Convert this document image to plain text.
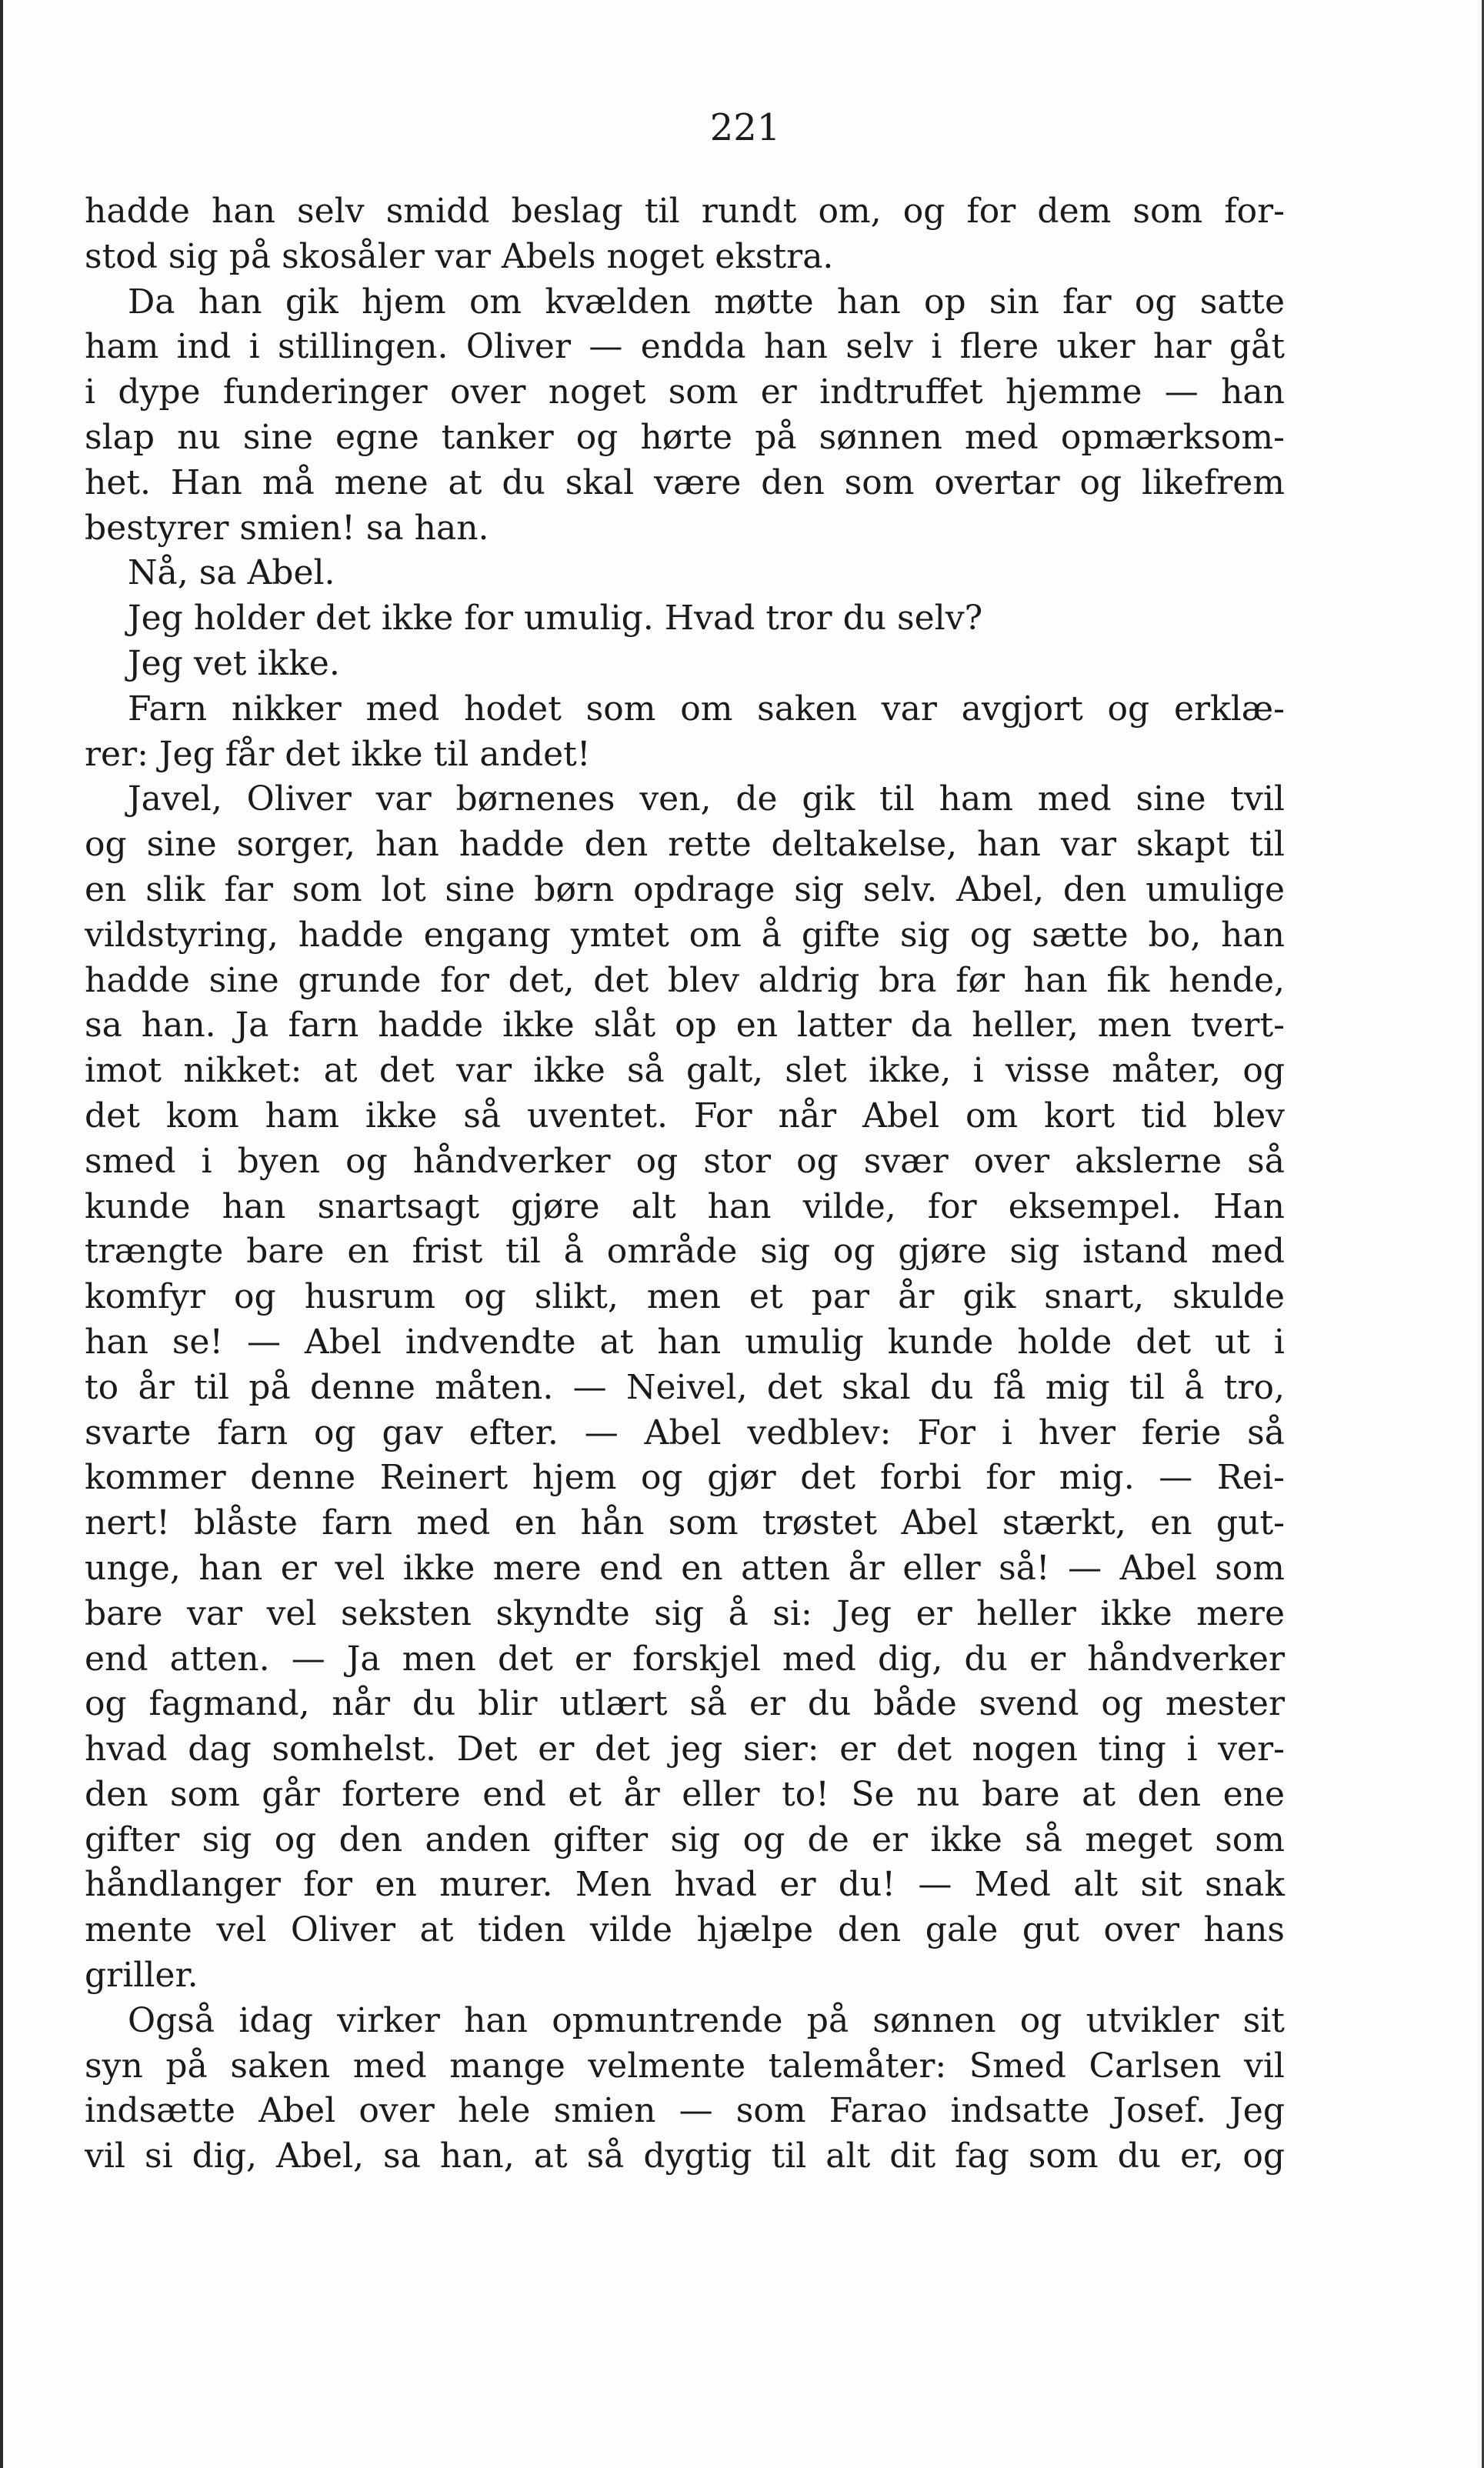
221
hadde han selv smidd beslag til rundt om, og for dem som for-
stod sig på skosåler var Abels noget ekstra.
Da han gik hjem om kvælden møtte han op sin far og satte
ham ind i stillingen. Oliver — endda han selv i flere uker har gåt
i dype funderinger over noget som er indtruffet hjemme — han
slap nu sine egne tanker og hørte på sønnen med opmærksom-
het. Han må mene at du skal være den som overtar og likefrem
bestyrer smien! sa han.
Nå, sa Abel.
Jeg holder det ikke for umulig. Hvad tror du selv?
Jeg vet ikke.
Farn nikker med hodet som om saken var avgjort og erklæ-
rer: Jeg får det ikke til andet!
Javel, Oliver var børnenes ven, de gik til ham med sine tvil
og sine sorger, han hadde den rette deltakelse, han var skapt til
en slik far som lot sine børn opdrage sig selv. Abel, den umulige
vildstyring, hadde engang ymtet om å gifte sig og sætte bo, han
hadde sine grunde for det, det blev aldrig bra før han fik hende,
sa han. Ja farn hadde ikke slåt op en latter da heller, men tvert-
imot nikket: at det var ikke så galt, slet ikke, i visse måter, og
det kom ham ikke så uventet. For når Abel om kort tid blev
smed i byen og håndverker og stor og svær over akslerne så
kunde han snartsagt gjøre alt han vilde, for eksempel. Han
trængte bare en frist til å område sig og gjøre sig istand med
komfyr og husrum og slikt, men et par år gik snart, skulde
han se! — Abel indvendte at han umulig kunde holde det ut i
to år til på denne måten. — Neivel, det skal du få mig til å tro,
svarte farn og gav efter. — Abel vedblev: For i hver ferie så
kommer denne Reinert hjem og gjør det forbi for mig. — Rei-
nert! blåste farn med en hån som trøstet Abel stærkt, en gut-
unge, han er vel ikke mere end en atten år eller så! — Abel som
bare var vel seksten skyndte sig å si: Jeg er heller ikke mere
end atten. — Ja men det er forskjel med dig, du er håndverker
og fagmand, når du blir utlært så er du både svend og mester
hvad dag somhelst. Det er det jeg sier: er det nogen ting i ver-
den som går fortere end et år eller to! Se nu bare at den ene
gifter sig og den anden gifter sig og de er ikke så meget som
håndlanger for en murer. Men hvad er du! — Med alt sit snak
mente vel Oliver at tiden vilde hjælpe den gale gut over hans
griller.
Også idag virker han opmuntrende på sønnen og utvikler sit
syn på saken med mange velmente talemåter: Smed Carlsen vil
indsætte Abel over hele smien — som Farao indsatte Josef. Jeg
vil si dig, Abel, sa han, at så dygtig til alt dit fag som du er, og
